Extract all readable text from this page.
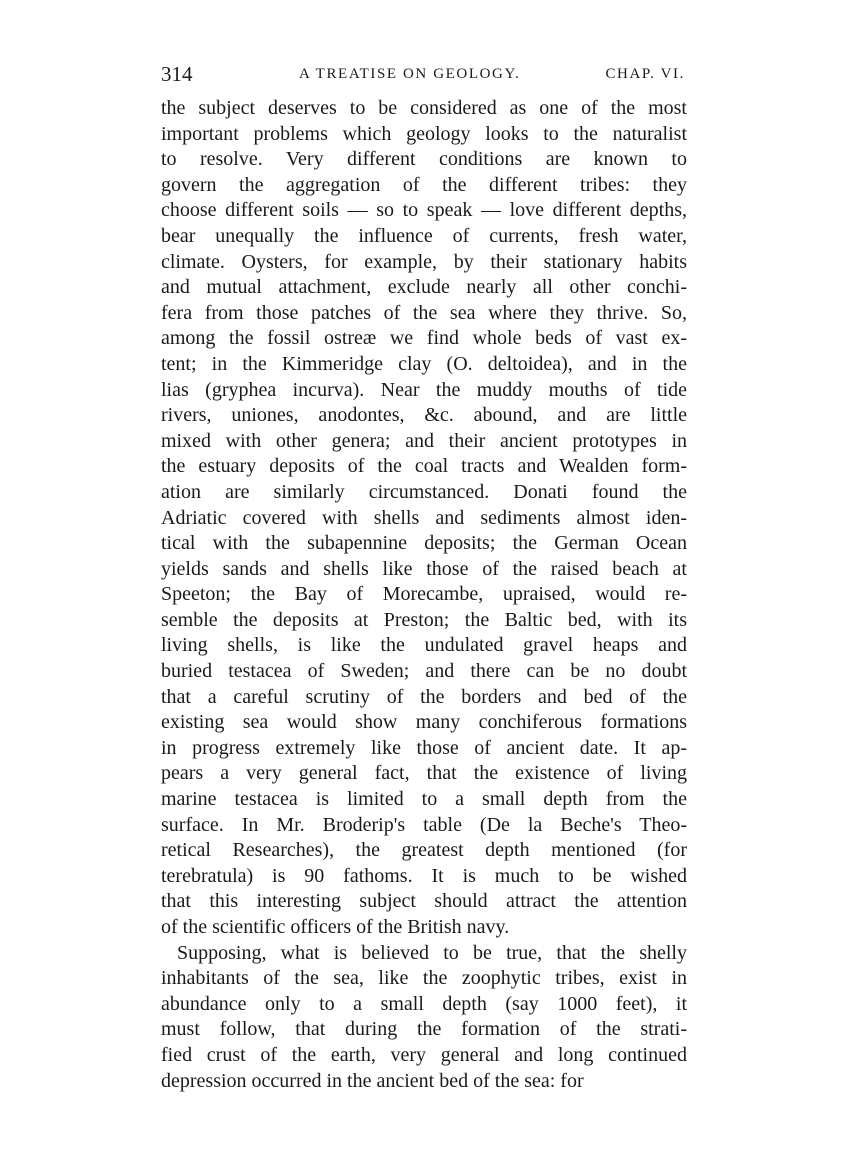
314	A TREATISE ON GEOLOGY.	CHAP. VI.

the subject deserves to be considered as one of the most
important problems which geology looks to the naturalist
to resolve. Very different conditions are known to
govern the aggregation of the different tribes: they
choose different soils — so to speak — love different depths,
bear unequally the influence of currents, fresh water,
climate. Oysters, for example, by their stationary habits
and mutual attachment, exclude nearly all other conchi-
fera from those patches of the sea where they thrive. So,
among the fossil ostreæ we find whole beds of vast ex-
tent; in the Kimmeridge clay (O. deltoidea), and in the
lias (gryphea incurva). Near the muddy mouths of tide
rivers, uniones, anodontes, &c. abound, and are little
mixed with other genera; and their ancient prototypes in
the estuary deposits of the coal tracts and Wealden form-
ation are similarly circumstanced. Donati found the
Adriatic covered with shells and sediments almost iden-
tical with the subapennine deposits; the German Ocean
yields sands and shells like those of the raised beach at
Speeton; the Bay of Morecambe, upraised, would re-
semble the deposits at Preston; the Baltic bed, with its
living shells, is like the undulated gravel heaps and
buried testacea of Sweden; and there can be no doubt
that a careful scrutiny of the borders and bed of the
existing sea would show many conchiferous formations
in progress extremely like those of ancient date. It ap-
pears a very general fact, that the existence of living
marine testacea is limited to a small depth from the
surface. In Mr. Broderip's table (De la Beche's Theo-
retical Researches), the greatest depth mentioned (for
terebratula) is 90 fathoms. It is much to be wished
that this interesting subject should attract the attention
of the scientific officers of the British navy.

Supposing, what is believed to be true, that the shelly
inhabitants of the sea, like the zoophytic tribes, exist in
abundance only to a small depth (say 1000 feet), it
must follow, that during the formation of the strati-
fied crust of the earth, very general and long continued
depression occurred in the ancient bed of the sea: for
